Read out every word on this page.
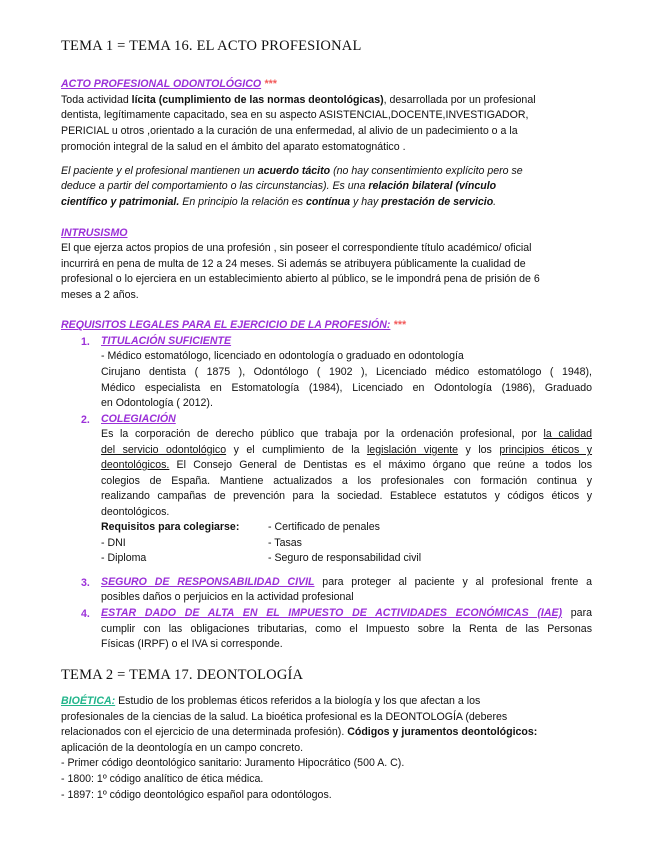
TEMA 1 = TEMA 16. EL ACTO PROFESIONAL
ACTO PROFESIONAL ODONTOLÓGICO ***
Toda actividad lícita (cumplimiento de las normas deontológicas), desarrollada por un profesional
dentista, legítimamente capacitado, sea en su aspecto ASISTENCIAL,DOCENTE,INVESTIGADOR,
PERICIAL u otros ,orientado a la curación de una enfermedad, al alivio de un padecimiento o a la
promoción integral de la salud en el ámbito del aparato estomatognático .
El paciente y el profesional mantienen un acuerdo tácito (no hay consentimiento explícito pero se
deduce a partir del comportamiento o las circunstancias). Es una relación bilateral (vínculo
científico y patrimonial. En principio la relación es contínua y hay prestación de servicio.
INTRUSISMO
El que ejerza actos propios de una profesión , sin poseer el correspondiente título académico/ oficial
incurrirá en pena de multa de 12 a 24 meses. Si además se atribuyera públicamente la cualidad de
profesional o lo ejerciera en un establecimiento abierto al público, se le impondrá pena de prisión de 6
meses a 2 años.
REQUISITOS LEGALES PARA EL EJERCICIO DE LA PROFESIÓN: ***
1. TITULACIÓN SUFICIENTE
- Médico estomatólogo, licenciado en odontología o graduado en odontología
Cirujano dentista ( 1875 ), Odontólogo ( 1902 ), Licenciado médico estomatólogo ( 1948),
Médico especialista en Estomatología (1984), Licenciado en Odontología (1986), Graduado
en Odontología ( 2012).
2. COLEGIACIÓN
Es la corporación de derecho público que trabaja por la ordenación profesional, por la calidad
del servicio odontológico y el cumplimiento de la legislación vigente y los principios éticos y
deontológicos. El Consejo General de Dentistas es el máximo órgano que reúne a todos los
colegios de España. Mantiene actualizados a los profesionales con formación continua y
realizando campañas de prevención para la sociedad. Establece estatutos y códigos éticos y
deontológicos.
Requisitos para colegiarse:
- DNI
- Diploma
- Certificado de penales
- Tasas
- Seguro de responsabilidad civil
3. SEGURO DE RESPONSABILIDAD CIVIL para proteger al paciente y al profesional frente a
posibles daños o perjuicios en la actividad profesional
4. ESTAR DADO DE ALTA EN EL IMPUESTO DE ACTIVIDADES ECONÓMICAS (IAE) para
cumplir con las obligaciones tributarias, como el Impuesto sobre la Renta de las Personas
Físicas (IRPF) o el IVA si corresponde.
TEMA 2 = TEMA 17. DEONTOLOGÍA
BIOÉTICA: Estudio de los problemas éticos referidos a la biología y los que afectan a los
profesionales de la ciencias de la salud. La bioética profesional es la DEONTOLOGÍA (deberes
relacionados con el ejercicio de una determinada profesión). Códigos y juramentos deontológicos:
aplicación de la deontología en un campo concreto.
- Primer código deontológico sanitario: Juramento Hipocrático (500 A. C).
- 1800: 1º código analítico de ética médica.
- 1897: 1º código deontológico español para odontólogos.
